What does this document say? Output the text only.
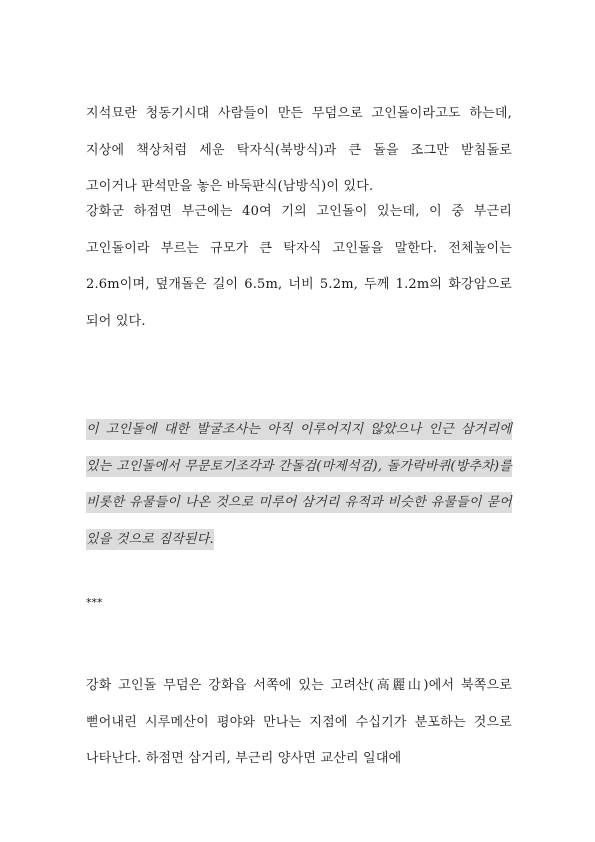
지석묘란 청동기시대 사람들이 만든 무덤으로 고인돌이라고도 하는데,지상에 책상처럼 세운 탁자식(북방식)과 큰 돌을 조그만 받침돌로 고이거나 판석만을 놓은 바둑판식(남방식)이 있다.

강화군 하점면 부근에는 40여 기의 고인돌이 있는데, 이 중 부근리 고인돌이라 부르는 규모가 큰 탁자식 고인돌을 말한다. 전체높이는 2.6m이며, 덮개돌은 길이 6.5m, 너비 5.2m, 두께 1.2m의 화강암으로 되어 있다.

이 고인돌에 대한 발굴조사는 아직 이루어지지 않았으나 인근 삼거리에 있는 고인돌에서 무문토기조각과 간돌검(마제석검), 돌가락바퀴(방추차)를 비롯한 유물들이 나온 것으로 미루어 삼거리 유적과 비슷한 유물들이 묻어 있을 것으로 짐작된다.

***

강화 고인돌 무덤은 강화읍 서쪽에 있는 고려산(高麗山)에서 북쪽으로 뻗어내린 시루메산이 평야와 만나는 지점에 수십기가 분포하는 것으로 나타난다. 하점면 삼거리, 부근리 양사면 교산리 일대에
